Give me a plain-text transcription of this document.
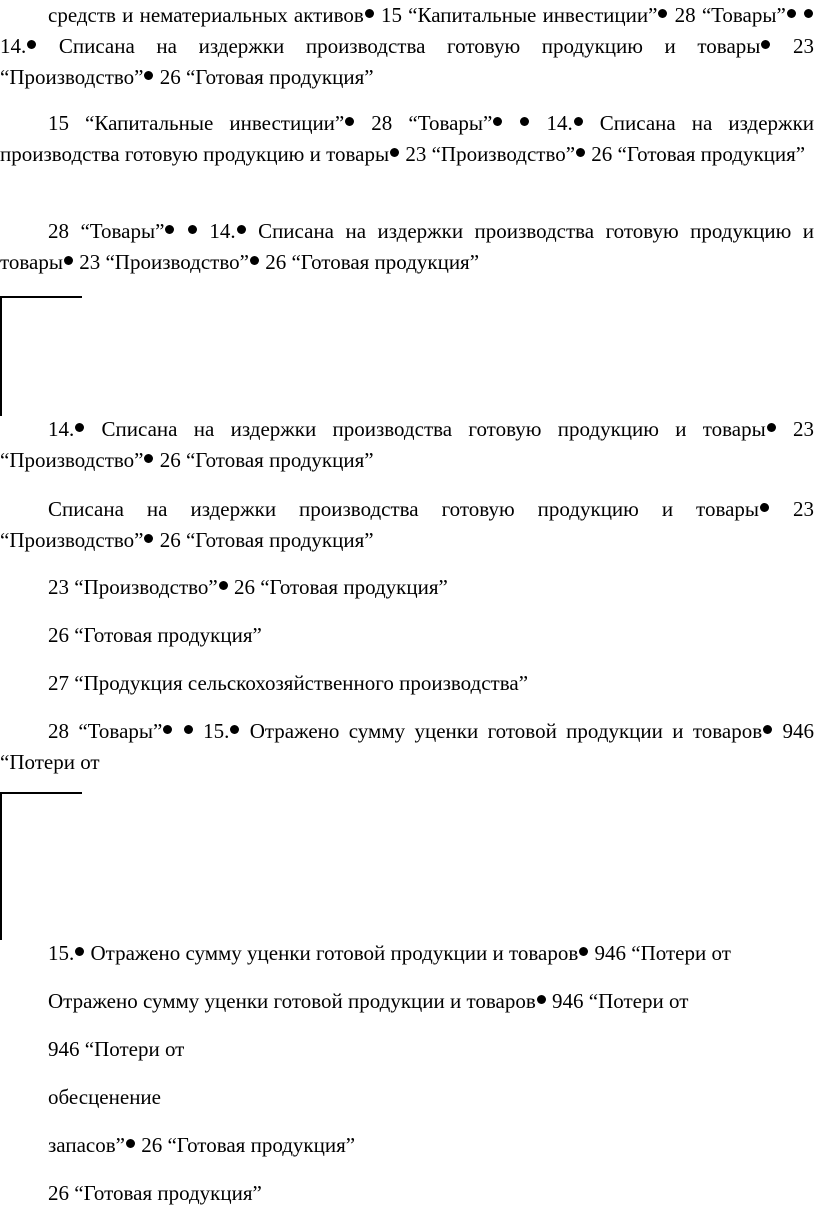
средств и нематериальных активов 15 “Капитальные инвестиции” 28 “Товары”  14. Списана на издержки производства готовую продукцию и товары 23 “Производство” 26 “Готовая продукция”

15 “Капитальные инвестиции” 28 “Товары”  14. Списана на издержки производства готовую продукцию и товары 23 “Производство” 26 “Готовая продукция”

28 “Товары”  14. Списана на издержки производства готовую продукцию и товары 23 “Производство” 26 “Готовая продукция”

14. Списана на издержки производства готовую продукцию и товары 23 “Производство” 26 “Готовая продукция”

Списана на издержки производства готовую продукцию и товары 23 “Производство” 26 “Готовая продукция”

23 “Производство” 26 “Готовая продукция”

26 “Готовая продукция”

27 “Продукция сельскохозяйственного производства”

28 “Товары”  15. Отражено сумму уценки готовой продукции и товаров 946 “Потери от

15. Отражено сумму уценки готовой продукции и товаров 946 “Потери от

Отражено сумму уценки готовой продукции и товаров 946 “Потери от

946 “Потери от

обесценение

запасов” 26 “Готовая продукция”

26 “Готовая продукция”
